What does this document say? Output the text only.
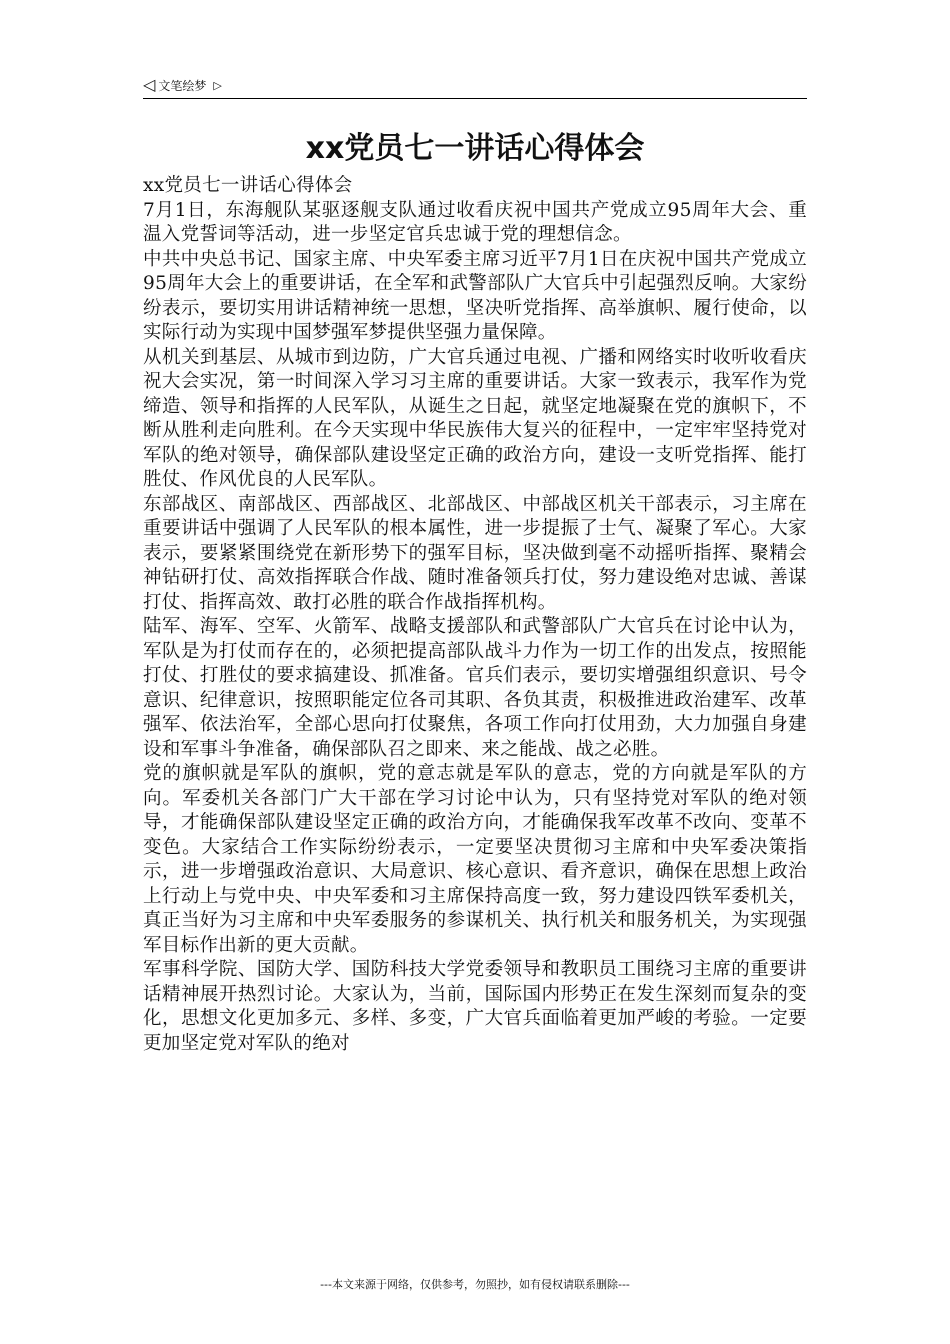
◁ 文笔绘梦 ▷
xx党员七一讲话心得体会

xx党员七一讲话心得体会

7月1日，东海舰队某驱逐舰支队通过收看庆祝中国共产党成立95周年大会、重温入党誓词等活动，进一步坚定官兵忠诚于党的理想信念。

中共中央总书记、国家主席、中央军委主席习近平7月1日在庆祝中国共产党成立95周年大会上的重要讲话，在全军和武警部队广大官兵中引起强烈反响。大家纷纷表示，要切实用讲话精神统一思想，坚决听党指挥、高举旗帜、履行使命，以实际行动为实现中国梦强军梦提供坚强力量保障。

从机关到基层、从城市到边防，广大官兵通过电视、广播和网络实时收听收看庆祝大会实况，第一时间深入学习习主席的重要讲话。大家一致表示，我军作为党缔造、领导和指挥的人民军队，从诞生之日起，就坚定地凝聚在党的旗帜下，不断从胜利走向胜利。在今天实现中华民族伟大复兴的征程中，一定牢牢坚持党对军队的绝对领导，确保部队建设坚定正确的政治方向，建设一支听党指挥、能打胜仗、作风优良的人民军队。

东部战区、南部战区、西部战区、北部战区、中部战区机关干部表示，习主席在重要讲话中强调了人民军队的根本属性，进一步提振了士气、凝聚了军心。大家表示，要紧紧围绕党在新形势下的强军目标，坚决做到毫不动摇听指挥、聚精会神钻研打仗、高效指挥联合作战、随时准备领兵打仗，努力建设绝对忠诚、善谋打仗、指挥高效、敢打必胜的联合作战指挥机构。

陆军、海军、空军、火箭军、战略支援部队和武警部队广大官兵在讨论中认为，军队是为打仗而存在的，必须把提高部队战斗力作为一切工作的出发点，按照能打仗、打胜仗的要求搞建设、抓准备。官兵们表示，要切实增强组织意识、号令意识、纪律意识，按照职能定位各司其职、各负其责，积极推进政治建军、改革强军、依法治军，全部心思向打仗聚焦，各项工作向打仗用劲，大力加强自身建设和军事斗争准备，确保部队召之即来、来之能战、战之必胜。

党的旗帜就是军队的旗帜，党的意志就是军队的意志，党的方向就是军队的方向。军委机关各部门广大干部在学习讨论中认为，只有坚持党对军队的绝对领导，才能确保部队建设坚定正确的政治方向，才能确保我军改革不改向、变革不变色。大家结合工作实际纷纷表示，一定要坚决贯彻习主席和中央军委决策指示，进一步增强政治意识、大局意识、核心意识、看齐意识，确保在思想上政治上行动上与党中央、中央军委和习主席保持高度一致，努力建设四铁军委机关，真正当好为习主席和中央军委服务的参谋机关、执行机关和服务机关，为实现强军目标作出新的更大贡献。

军事科学院、国防大学、国防科技大学党委领导和教职员工围绕习主席的重要讲话精神展开热烈讨论。大家认为，当前，国际国内形势正在发生深刻而复杂的变化，思想文化更加多元、多样、多变，广大官兵面临着更加严峻的考验。一定要更加坚定党对军队的绝对

---本文来源于网络，仅供参考，勿照抄，如有侵权请联系删除---
